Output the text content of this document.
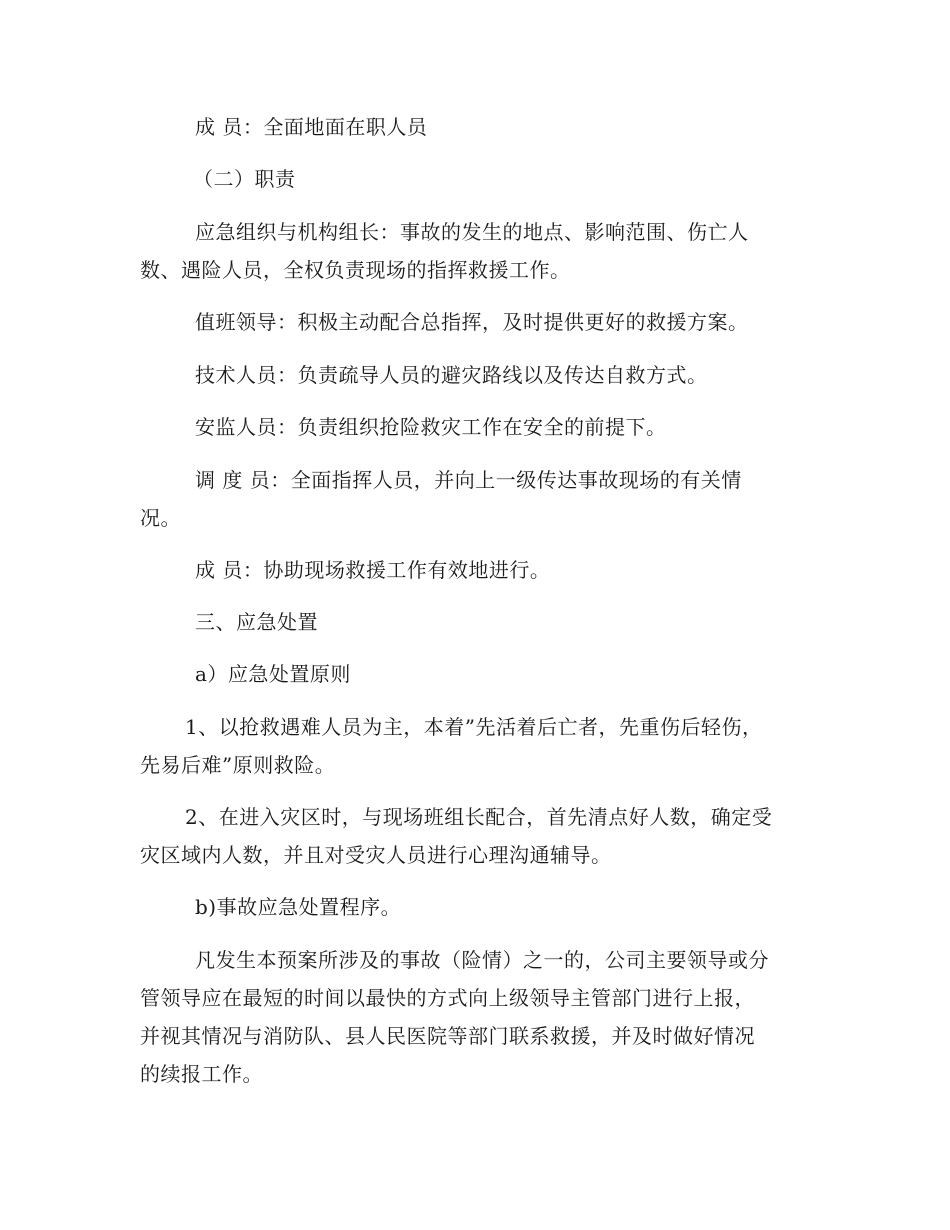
成 员：全面地面在职人员
（二）职责
应急组织与机构组长：事故的发生的地点、影响范围、伤亡人
数、遇险人员，全权负责现场的指挥救援工作。
值班领导：积极主动配合总指挥，及时提供更好的救援方案。
技术人员：负责疏导人员的避灾路线以及传达自救方式。
安监人员：负责组织抢险救灾工作在安全的前提下。
调 度 员：全面指挥人员，并向上一级传达事故现场的有关情
况。
成 员：协助现场救援工作有效地进行。
三、应急处置
a）应急处置原则
1、以抢救遇难人员为主，本着”先活着后亡者，先重伤后轻伤，
先易后难”原则救险。
2、在进入灾区时，与现场班组长配合，首先清点好人数，确定受
灾区域内人数，并且对受灾人员进行心理沟通辅导。
b)事故应急处置程序。
凡发生本预案所涉及的事故（险情）之一的，公司主要领导或分
管领导应在最短的时间以最快的方式向上级领导主管部门进行上报，
并视其情况与消防队、县人民医院等部门联系救援，并及时做好情况
的续报工作。
